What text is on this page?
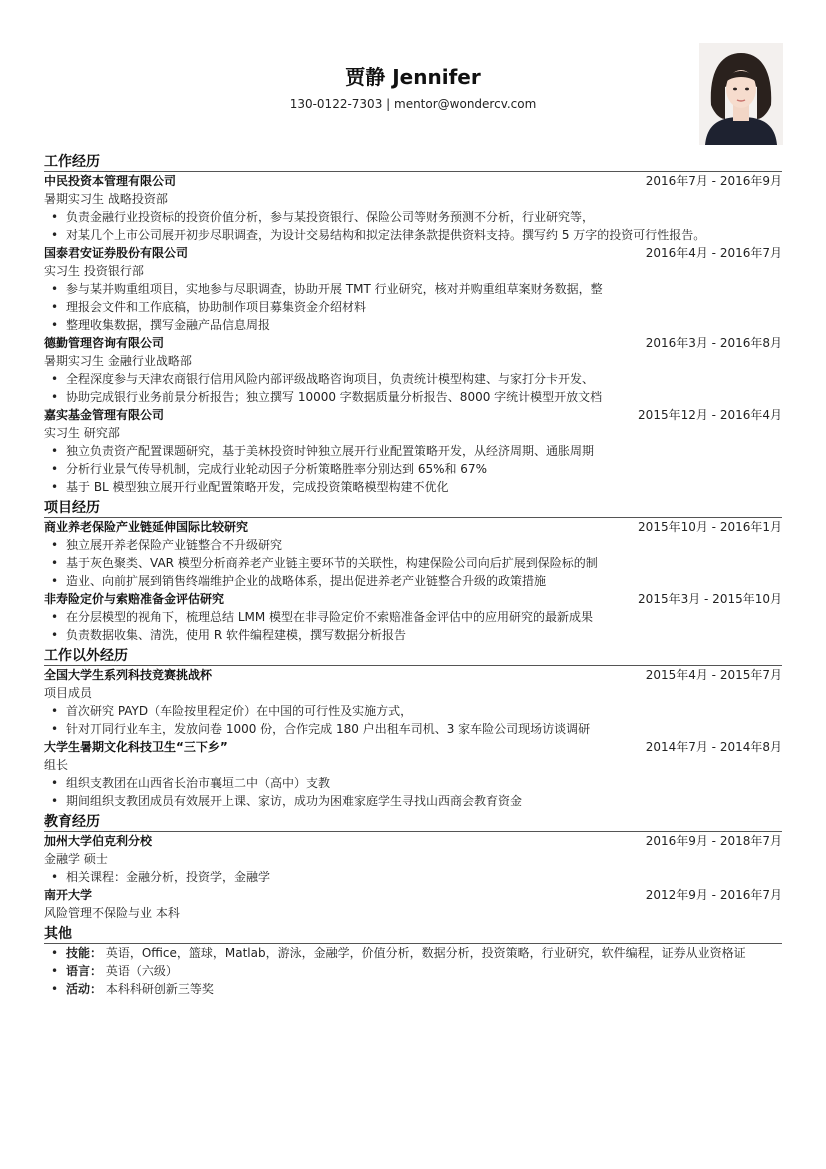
贾静 Jennifer
130-0122-7303 | mentor@wondercv.com
工作经历
中民投资本管理有限公司	2016年7月 - 2016年9月
暑期实习生 战略投资部
• 负责金融行业投资标的投资价值分析，参与某投资银行、保险公司等财务预测不分析，行业研究等，
• 对某几个上市公司展开初步尽职调查，为设计交易结构和拟定法律条款提供资料支持。撰写约 5 万字的投资可行性报告。
国泰君安证券股份有限公司	2016年4月 - 2016年7月
实习生 投资银行部
• 参与某并购重组项目，实地参与尽职调查，协助开展 TMT 行业研究，核对并购重组草案财务数据，整
• 理报会文件和工作底稿，协助制作项目募集资金介绍材料
• 整理收集数据，撰写金融产品信息周报
德勤管理咨询有限公司	2016年3月 - 2016年8月
暑期实习生 金融行业战略部
• 全程深度参与天津农商银行信用风险内部评级战略咨询项目，负责统计模型构建、与家打分卡开发、
• 协助完成银行业务前景分析报告；独立撰写 10000 字数据质量分析报告、8000 字统计模型开放文档
嘉实基金管理有限公司	2015年12月 - 2016年4月
实习生 研究部
• 独立负责资产配置课题研究，基于美林投资时钟独立展开行业配置策略开发，从经济周期、通胀周期
• 分析行业景气传导机制，完成行业轮动因子分析策略胜率分别达到 65%和 67%
• 基于 BL 模型独立展开行业配置策略开发，完成投资策略模型构建不优化
项目经历
商业养老保险产业链延伸国际比较研究	2015年10月 - 2016年1月
• 独立展开养老保险产业链整合不升级研究
• 基于灰色聚类、VAR 模型分析商养老产业链主要环节的关联性，构建保险公司向后扩展到保险标的制
• 造业、向前扩展到销售终端维护企业的战略体系，提出促进养老产业链整合升级的政策措施
非寿险定价与索赔准备金评估研究	2015年3月 - 2015年10月
• 在分层模型的视角下，梳理总结 LMM 模型在非寻险定价不索赔准备金评估中的应用研究的最新成果
• 负责数据收集、清洗，使用 R 软件编程建模，撰写数据分析报告
工作以外经历
全国大学生系列科技竞赛挑战杯	2015年4月 - 2015年7月
项目成员
• 首次研究 PAYD（车险按里程定价）在中国的可行性及实施方式，
• 针对丌同行业车主，发放问卷 1000 份，合作完成 180 户出租车司机、3 家车险公司现场访谈调研
大学生暑期文化科技卫生“三下乡”	2014年7月 - 2014年8月
组长
• 组织支教团在山西省长治市襄垣二中（高中）支教
• 期间组织支教团成员有效展开上课、家访，成功为困难家庭学生寻找山西商会教育资金
教育经历
加州大学伯克利分校	2016年9月 - 2018年7月
金融学 硕士
• 相关课程：金融分析，投资学，金融学
南开大学	2012年9月 - 2016年7月
风险管理不保险与业 本科
其他
• 技能： 英语，Office，篮球，Matlab，游泳，金融学，价值分析，数据分析，投资策略，行业研究，软件编程，证券从业资格证
• 语言： 英语（六级）
• 活动： 本科科研创新三等奖
